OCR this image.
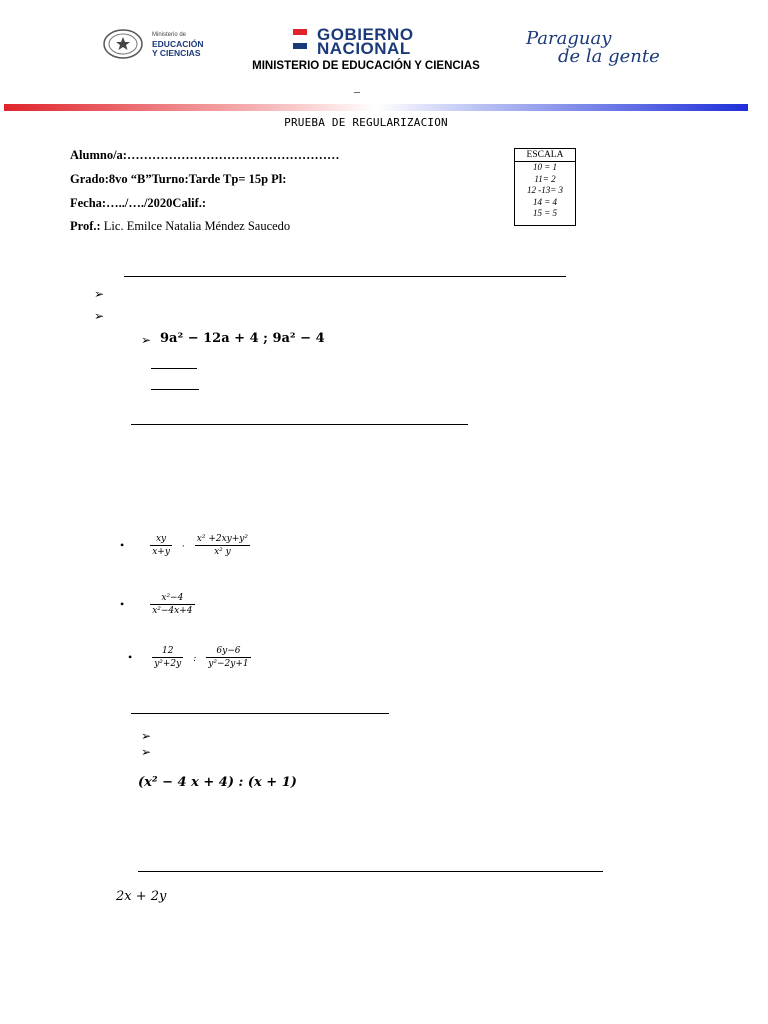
Ministerio de
EDUCACIÓN
Y CIENCIAS
GOBIERNO
NACIONAL	Paraguay
de la gente
MINISTERIO DE EDUCACIÓN Y CIENCIAS
–
PRUEBA DE REGULARIZACION
Alumno/a:……………………………………………
Grado:8vo “B”Turno:Tarde Tp= 15p Pl:
Fecha:…../…./2020Calif.:
Prof.: Lic. Emilce Natalia Méndez Saucedo
ESCALA
10 = 1
11= 2
12 -13= 3
14 = 4
15 = 5
➢
➢
➢ 9a² − 12a + 4 ; 9a² − 4
•	$\frac{xy}{x+y} \cdot \frac{\text{x² +2xy+y²}}{\text{x² y}}$
•	$\frac{\text{x²−4}}{\text{x²−4x+4}}$
• $\frac{12}{\text{y²+2y}}$ : $\frac{6y-6}{\text{y²−2y+1}}$
➢
➢
(x² − 4 x + 4) : (x + 1)
2x + 2y
